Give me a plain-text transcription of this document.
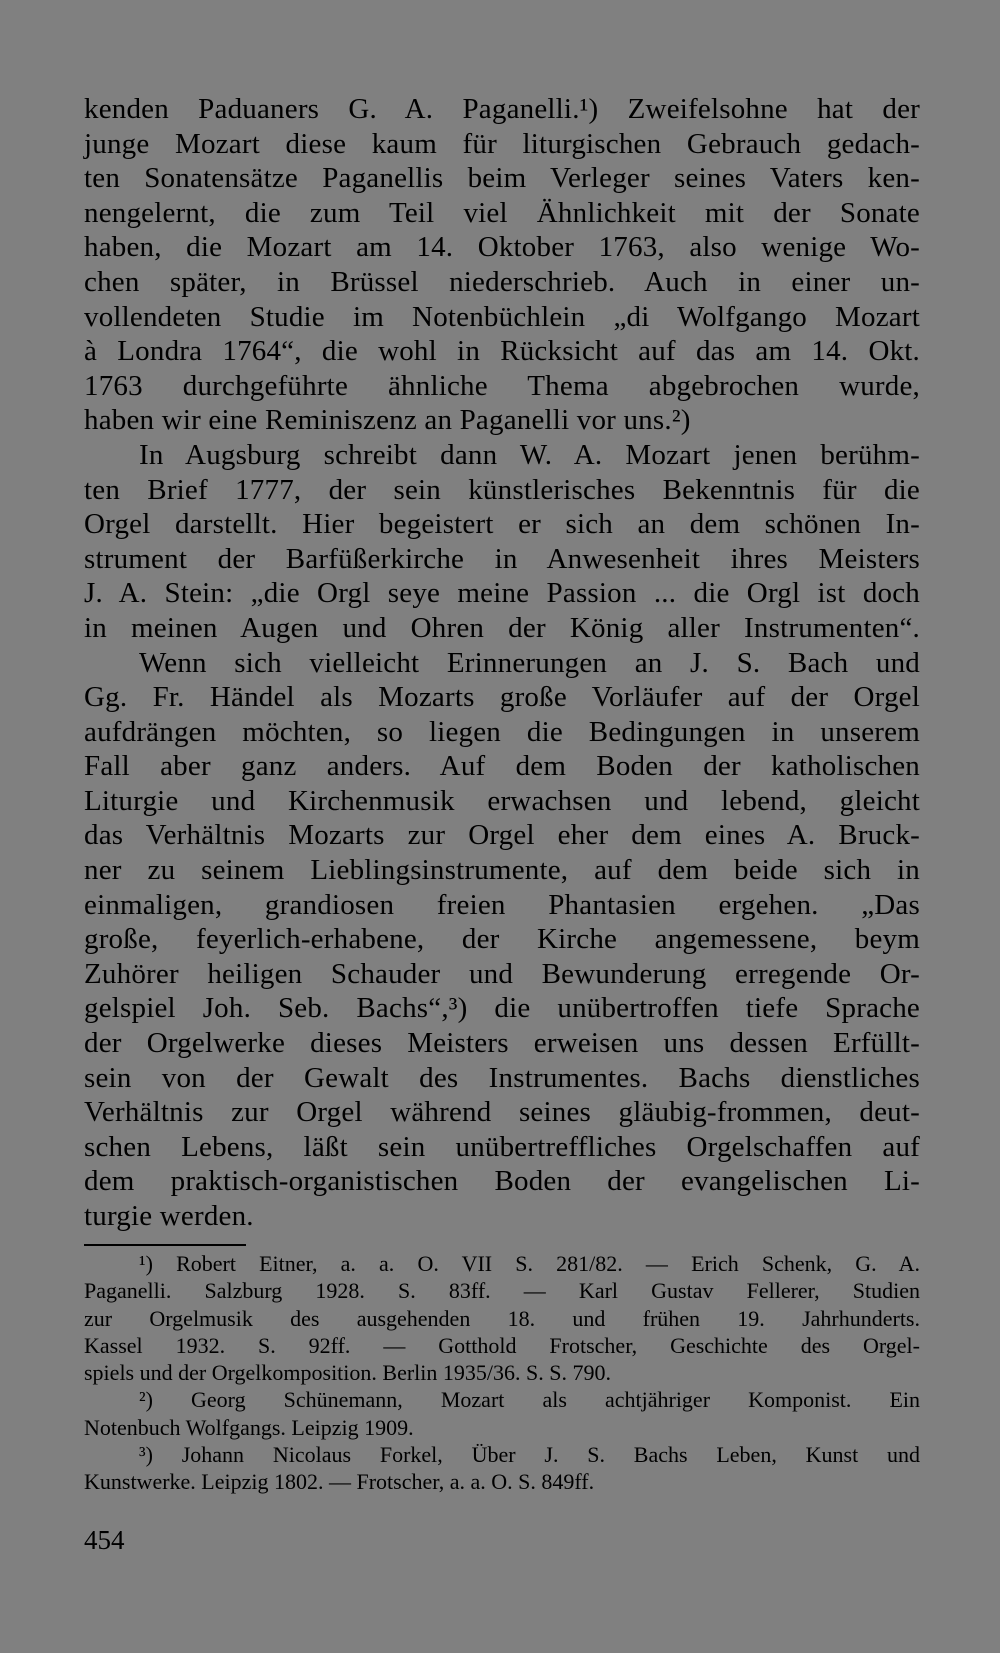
kenden Paduaners G. A. Paganelli.¹) Zweifelsohne hat der
junge Mozart diese kaum für liturgischen Gebrauch gedach-
ten Sonatensätze Paganellis beim Verleger seines Vaters ken-
nengelernt, die zum Teil viel Ähnlichkeit mit der Sonate
haben, die Mozart am 14. Oktober 1763, also wenige Wo-
chen später, in Brüssel niederschrieb. Auch in einer un-
vollendeten Studie im Notenbüchlein „di Wolfgango Mozart
à Londra 1764“, die wohl in Rücksicht auf das am 14. Okt.
1763 durchgeführte ähnliche Thema abgebrochen wurde,
haben wir eine Reminiszenz an Paganelli vor uns.²)
In Augsburg schreibt dann W. A. Mozart jenen berühm-
ten Brief 1777, der sein künstlerisches Bekenntnis für die
Orgel darstellt. Hier begeistert er sich an dem schönen In-
strument der Barfüßerkirche in Anwesenheit ihres Meisters
J. A. Stein: „die Orgl seye meine Passion ... die Orgl ist doch
in meinen Augen und Ohren der König aller Instrumenten“.
Wenn sich vielleicht Erinnerungen an J. S. Bach und
Gg. Fr. Händel als Mozarts große Vorläufer auf der Orgel
aufdrängen möchten, so liegen die Bedingungen in unserem
Fall aber ganz anders. Auf dem Boden der katholischen
Liturgie und Kirchenmusik erwachsen und lebend, gleicht
das Verhältnis Mozarts zur Orgel eher dem eines A. Bruck-
ner zu seinem Lieblingsinstrumente, auf dem beide sich in
einmaligen, grandiosen freien Phantasien ergehen. „Das
große, feyerlich-erhabene, der Kirche angemessene, beym
Zuhörer heiligen Schauder und Bewunderung erregende Or-
gelspiel Joh. Seb. Bachs“,³) die unübertroffen tiefe Sprache
der Orgelwerke dieses Meisters erweisen uns dessen Erfüllt-
sein von der Gewalt des Instrumentes. Bachs dienstliches
Verhältnis zur Orgel während seines gläubig-frommen, deut-
schen Lebens, läßt sein unübertreffliches Orgelschaffen auf
dem praktisch-organistischen Boden der evangelischen Li-
turgie werden.
¹) Robert Eitner, a. a. O. VII S. 281/82. — Erich Schenk, G. A.
Paganelli. Salzburg 1928. S. 83ff. — Karl Gustav Fellerer, Studien
zur Orgelmusik des ausgehenden 18. und frühen 19. Jahrhunderts.
Kassel 1932. S. 92ff. — Gotthold Frotscher, Geschichte des Orgel-
spiels und der Orgelkomposition. Berlin 1935/36. S. S. 790.
²) Georg Schünemann, Mozart als achtjähriger Komponist. Ein
Notenbuch Wolfgangs. Leipzig 1909.
³) Johann Nicolaus Forkel, Über J. S. Bachs Leben, Kunst und
Kunstwerke. Leipzig 1802. — Frotscher, a. a. O. S. 849ff.
454
